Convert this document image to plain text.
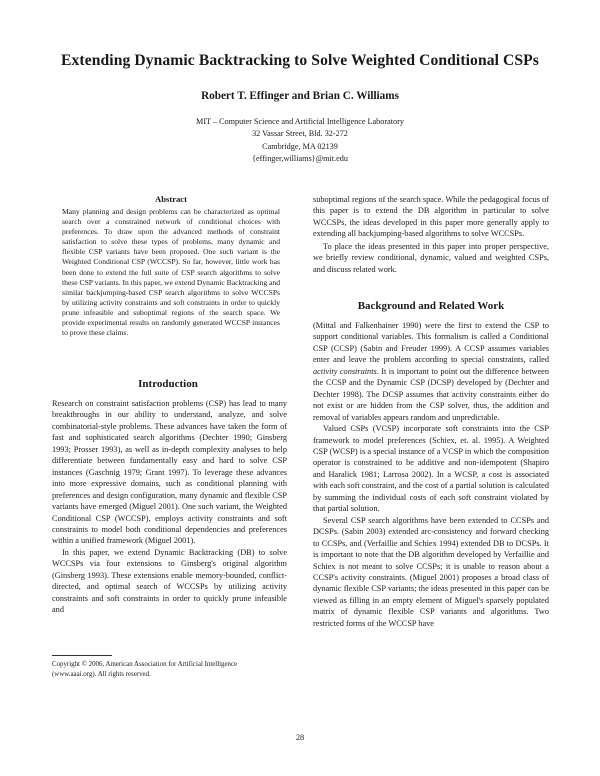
Extending Dynamic Backtracking to Solve Weighted Conditional CSPs
Robert T. Effinger and Brian C. Williams
MIT – Computer Science and Artificial Intelligence Laboratory
32 Vassar Street, Bld. 32-272
Cambridge, MA 02139
{effinger,williams}@mit.edu
Abstract

Many planning and design problems can be characterized as optimal search over a constrained network of conditional choices with preferences. To draw upon the advanced methods of constraint satisfaction to solve these types of problems, many dynamic and flexible CSP variants have been proposed. One such variant is the Weighted Conditional CSP (WCCSP). So far, however, little work has been done to extend the full suite of CSP search algorithms to solve these CSP variants. In this paper, we extend Dynamic Backtracking and similar backjumping-based CSP search algorithms to solve WCCSPs by utilizing activity constraints and soft constraints in order to quickly prune infeasible and suboptimal regions of the search space. We provide experimental results on randomly generated WCCSP instances to prove these claims.

Introduction

Research on constraint satisfaction problems (CSP) has lead to many breakthroughs in our ability to understand, analyze, and solve combinatorial-style problems. These advances have taken the form of fast and sophisticated search algorithms (Dechter 1990; Ginsberg 1993; Prosser 1993), as well as in-depth complexity analyses to help differentiate between fundamentally easy and hard to solve CSP instances (Gaschnig 1979; Grant 1997). To leverage these advances into more expressive domains, such as conditional planning with preferences and design configuration, many dynamic and flexible CSP variants have emerged (Miguel 2001). One such variant, the Weighted Conditional CSP (WCCSP), employs activity constraints and soft constraints to model both conditional dependencies and preferences within a unified framework (Miguel 2001).

In this paper, we extend Dynamic Backtracking (DB) to solve WCCSPs via four extensions to Ginsberg's original algorithm (Ginsberg 1993). These extensions enable memory-bounded, conflict-directed, and optimal search of WCCSPs by utilizing activity constraints and soft constraints in order to quickly prune infeasible and

Copyright © 2006, American Association for Artificial Intelligence
(www.aaai.org). All rights reserved.

suboptimal regions of the search space. While the pedagogical focus of this paper is to extend the DB algorithm in particular to solve WCCSPs, the ideas developed in this paper more generally apply to extending all backjumping-based algorithms to solve WCCSPs.

To place the ideas presented in this paper into proper perspective, we briefly review conditional, dynamic, valued and weighted CSPs, and discuss related work.

Background and Related Work

(Mittal and Falkenhainer 1990) were the first to extend the CSP to support conditional variables. This formalism is called a Conditional CSP (CCSP) (Sabin and Freuder 1999). A CCSP assumes variables enter and leave the problem according to special constraints, called activity constraints. It is important to point out the difference between the CCSP and the Dynamic CSP (DCSP) developed by (Dechter and Dechter 1998). The DCSP assumes that activity constraints either do not exist or are hidden from the CSP solver, thus, the addition and removal of variables appears random and unpredictable.

Valued CSPs (VCSP) incorporate soft constraints into the CSP framework to model preferences (Schiex, et. al. 1995). A Weighted CSP (WCSP) is a special instance of a VCSP in which the composition operator is constrained to be additive and non-idempotent (Shapiro and Haralick 1981; Larrosa 2002). In a WCSP, a cost is associated with each soft constraint, and the cost of a partial solution is calculated by summing the individual costs of each soft constraint violated by that partial solution.

Several CSP search algorithms have been extended to CCSPs and DCSPs. (Sabin 2003) extended arc-consistency and forward checking to CCSPs, and (Verfaillie and Schiex 1994) extended DB to DCSPs. It is important to note that the DB algorithm developed by Verfaillie and Schiex is not meant to solve CCSPs; it is unable to reason about a CCSP's activity constraints. (Miguel 2001) proposes a broad class of dynamic flexible CSP variants; the ideas presented in this paper can be viewed as filling in an empty element of Miguel's sparsely populated matrix of dynamic flexible CSP variants and algorithms. Two restricted forms of the WCCSP have

28
